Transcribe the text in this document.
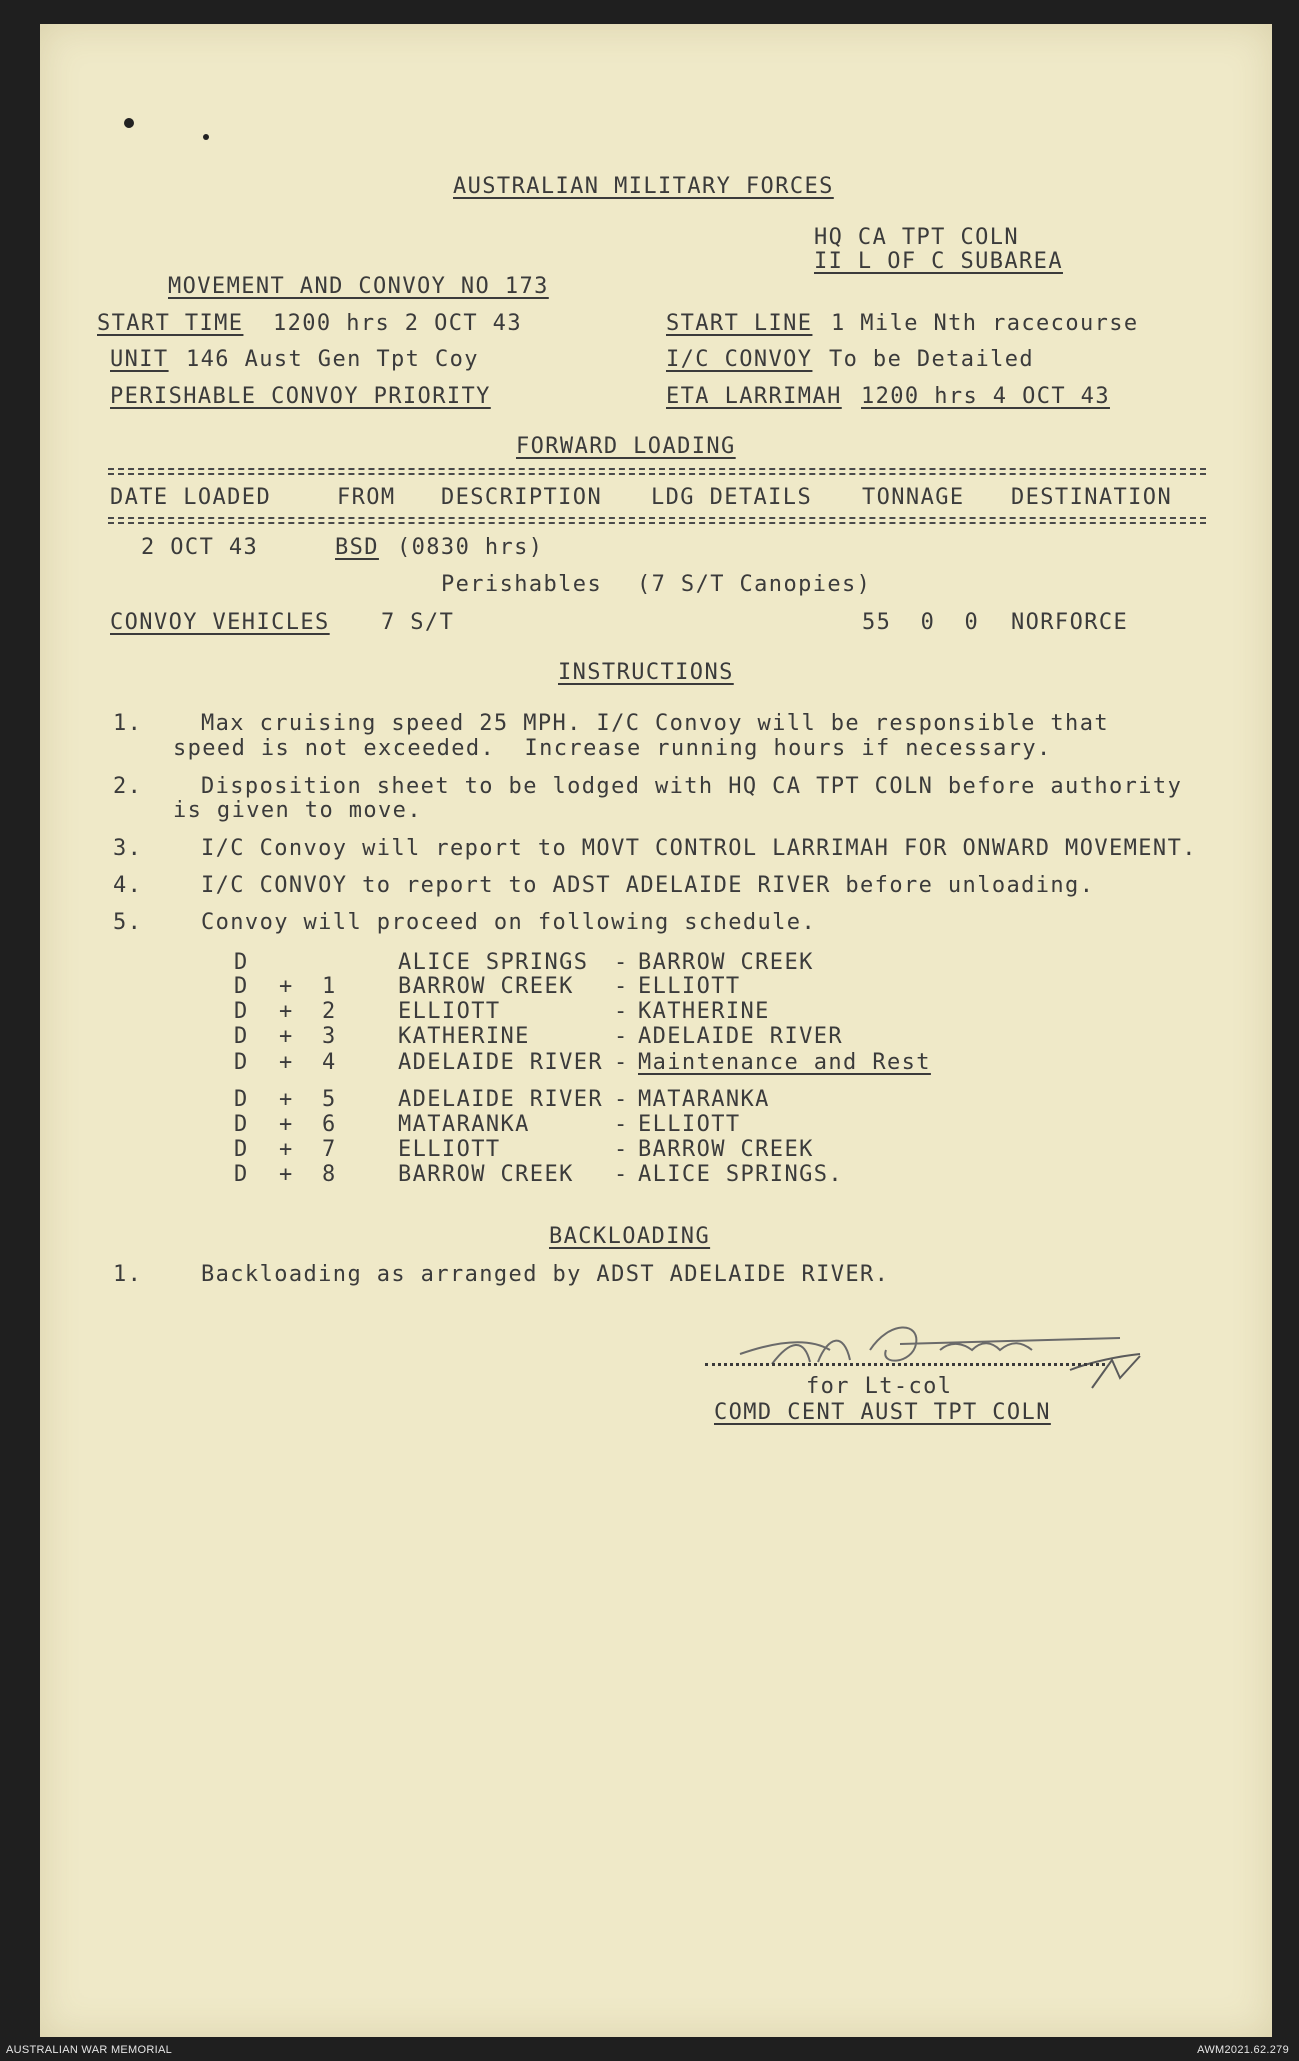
AUSTRALIAN MILITARY FORCES
HQ CA TPT COLN
II L OF C SUBAREA
MOVEMENT AND CONVOY NO 173
START TIME 1200 hrs 2 OCT 43
UNIT 146 Aust Gen Tpt Coy
PERISHABLE CONVOY PRIORITY
START LINE 1 Mile Nth racecourse
I/C CONVOY To be Detailed
ETA LARRIMAH 1200 hrs 4 OCT 43
FORWARD LOADING
DATE LOADED	FROM DESCRIPTION LDG DETAILS TONNAGE DESTINATION
2 OCT 43	BSD (0830 hrs)
Perishables (7 S/T Canopies)
CONVOY VEHICLES 7 S/T	55  0  0 NORFORCE
INSTRUCTIONS
1.	Max cruising speed 25 MPH. I/C Convoy will be responsible that
speed is not exceeded.  Increase running hours if necessary.
2.	Disposition sheet to be lodged with HQ CA TPT COLN before authority
is given to move.
3.	I/C Convoy will report to MOVT CONTROL LARRIMAH FOR ONWARD MOVEMENT.
4.	I/C CONVOY to report to ADST ADELAIDE RIVER before unloading.
5.	Convoy will proceed on following schedule.
D	ALICE SPRINGS - BARROW CREEK
D + 1	BARROW CREEK - ELLIOTT
D + 2	ELLIOTT	- KATHERINE
D + 3	KATHERINE	- ADELAIDE RIVER
D + 4	ADELAIDE RIVER - Maintenance and Rest
D + 5	ADELAIDE RIVER - MATARANKA
D + 6	MATARANKA	- ELLIOTT
D + 7	ELLIOTT	- BARROW CREEK
D + 8	BARROW CREEK - ALICE SPRINGS.
BACKLOADING
1.	Backloading as arranged by ADST ADELAIDE RIVER.
for Lt-col
COMD CENT AUST TPT COLN
AUSTRALIAN WAR MEMORIAL	AWM2021.62.279
